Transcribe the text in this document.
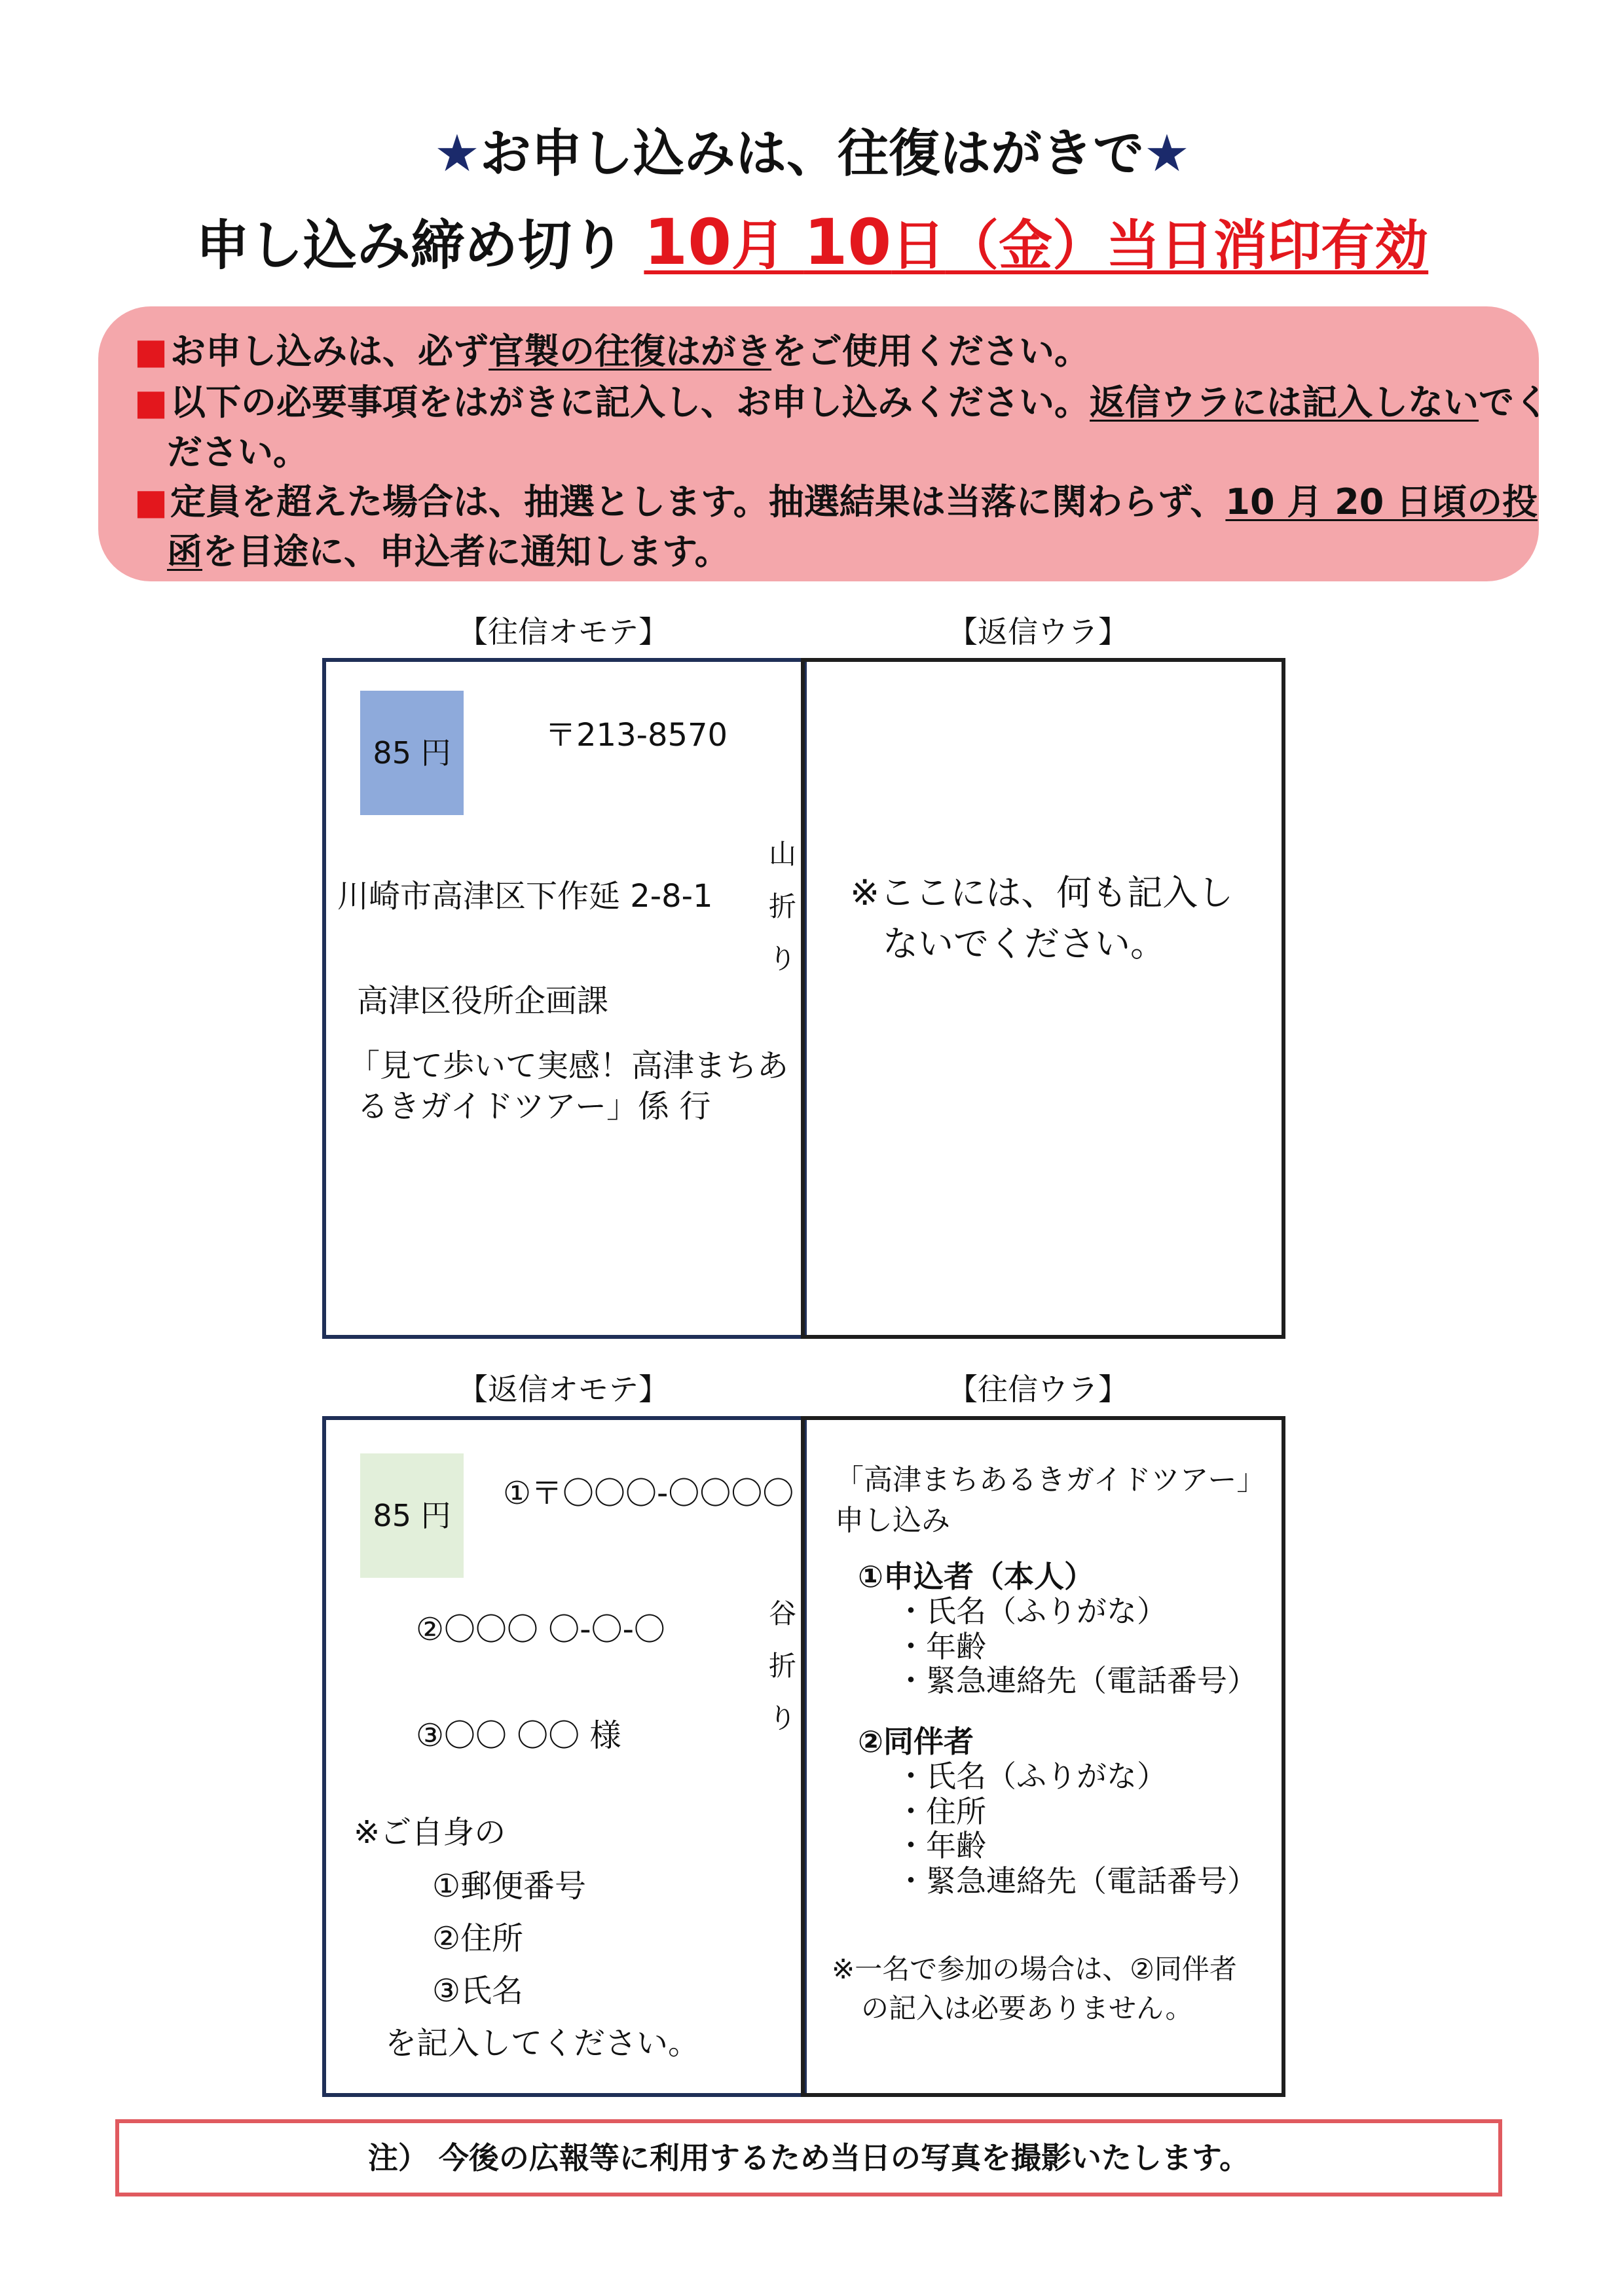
★お申し込みは、往復はがきで★
申し込み締め切り 10月 10日（金）当日消印有効
■お申し込みは、必ず官製の往復はがきをご使用ください。
■以下の必要事項をはがきに記入し、お申し込みください。返信ウラには記入しないでく
ださい。
■定員を超えた場合は、抽選とします。抽選結果は当落に関わらず、10 月 20 日頃の投
函を目途に、申込者に通知します。
【往信オモテ】	【返信ウラ】
85 円	〒213-8570
川崎市高津区下作延 2-8-1
高津区役所企画課
「見て歩いて実感！高津まちあ
るきガイドツアー」係 行
山
折
り
※ここには、何も記入し
ないでください。
【返信オモテ】	【往信ウラ】
85 円
①〒〇〇〇-〇〇〇〇
②〇〇〇 〇-〇-〇
③〇〇 〇〇 様
谷
折
り
※ご自身の
①郵便番号
②住所
③氏名
を記入してください。
「高津まちあるきガイドツアー」
申し込み
①申込者（本人）
・氏名（ふりがな）
・年齢
・緊急連絡先（電話番号）
②同伴者
・氏名（ふりがな）
・住所
・年齢
・緊急連絡先（電話番号）
※一名で参加の場合は、②同伴者
の記入は必要ありません。
注） 今後の広報等に利用するため当日の写真を撮影いたします。
